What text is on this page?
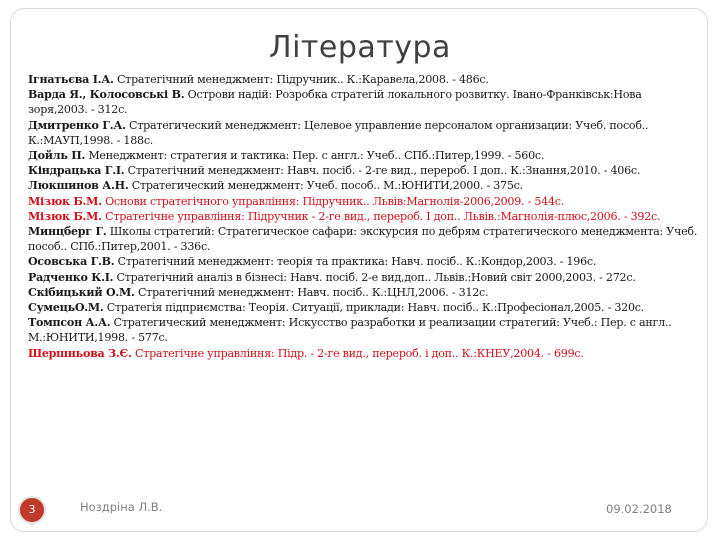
Література

Ігнатьєва І.А. Стратегічний менеджмент: Підручник.. К.:Каравела,2008. - 486с.

Варда Я., Колосовські В. Острови надій: Розробка стратегій локального розвитку. Івано-Франківськ:Нова зоря,2003. - 312с.

Дмитренко Г.А. Стратегический менеджмент: Целевое управление персоналом организации: Учеб. пособ.. К.:МАУП,1998. - 188с.

Дойль П. Менеджмент: стратегия и тактика: Пер. с англ.: Учеб.. СПб.:Питер,1999. - 560с.

Кіндрацька Г.І. Стратегічний менеджмент: Навч. посіб. - 2-ге вид., перероб. І доп.. К.:Знання,2010. - 406с.

Люкшинов А.Н. Стратегический менеджмент: Учеб. пособ.. М.:ЮНИТИ,2000. - 375с.

Мізюк Б.М. Основи стратегічного управління: Підручник.. Львів:Магнолія-2006,2009. - 544с.

Мізюк Б.М. Стратегічне управління: Підручник - 2-ге вид., перероб. І доп.. Львів.:Магнолія-плюс,2006. - 392с.

Минцберг Г. Школы стратегий: Стратегическое сафари: экскурсия по дебрям стратегического менеджмента: Учеб. пособ.. СПб.:Питер,2001. - 336с.

Осовська Г.В. Стратегічний менеджмент: теорія та практика: Навч. посіб.. К.:Кондор,2003. - 196с.

Радченко К.І. Стратегічний аналіз в бізнесі: Навч. посіб. 2-е вид,доп.. Львів.:Новий світ 2000,2003. - 272с.

Скібицький О.М. Стратегічний менеджмент: Навч. посіб.. К.:ЦНЛ,2006. - 312с.

СумецьО.М. Стратегія підприємства: Теорія. Ситуації, приклади: Навч. посіб.. К.:Професіонал,2005. - 320с.

Томпсон А.А. Стратегический менеджмент: Искусство разработки и реализации стратегий: Учеб.: Пер. с англ.. М.:ЮНИТИ,1998. - 577с.

Шершньова З.Є. Стратегічне управління: Підр. - 2-ге вид., перероб. і доп.. К.:КНЕУ,2004. - 699с.

3	Ноздріна Л.В.	09.02.2018
